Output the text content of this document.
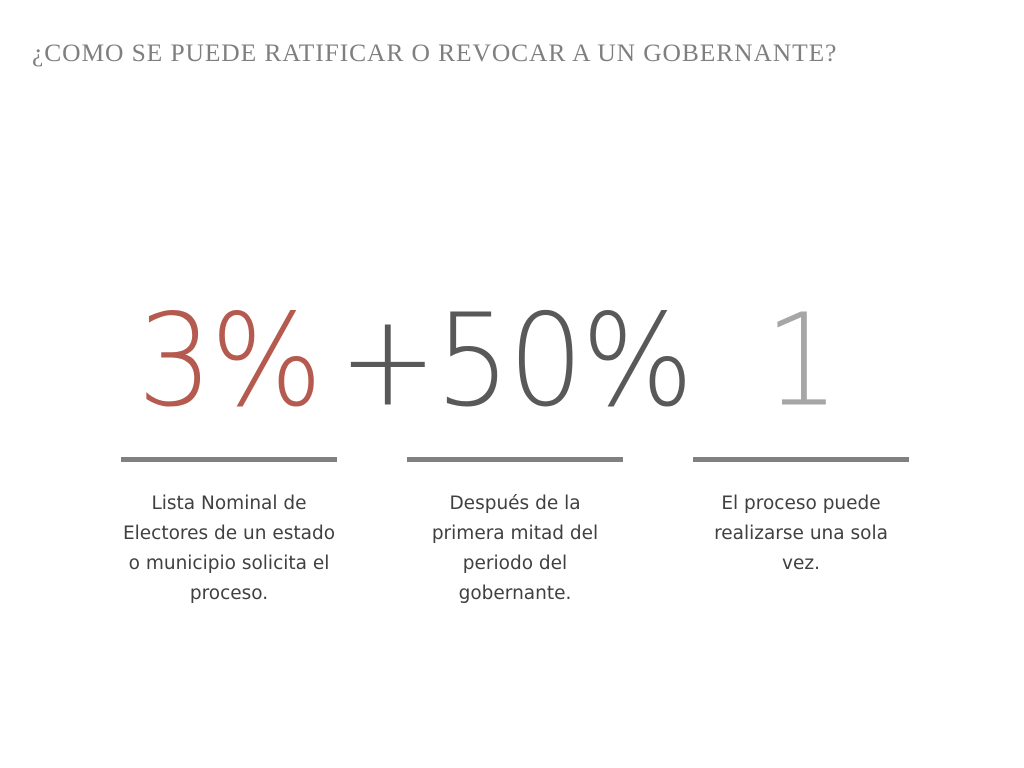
¿COMO SE PUEDE RATIFICAR O REVOCAR A UN GOBERNANTE?
3%
Lista Nominal de Electores de un estado o municipio solicita el proceso.
+50%
Después de la primera mitad del periodo del gobernante.
1
El proceso puede realizarse una sola vez.
